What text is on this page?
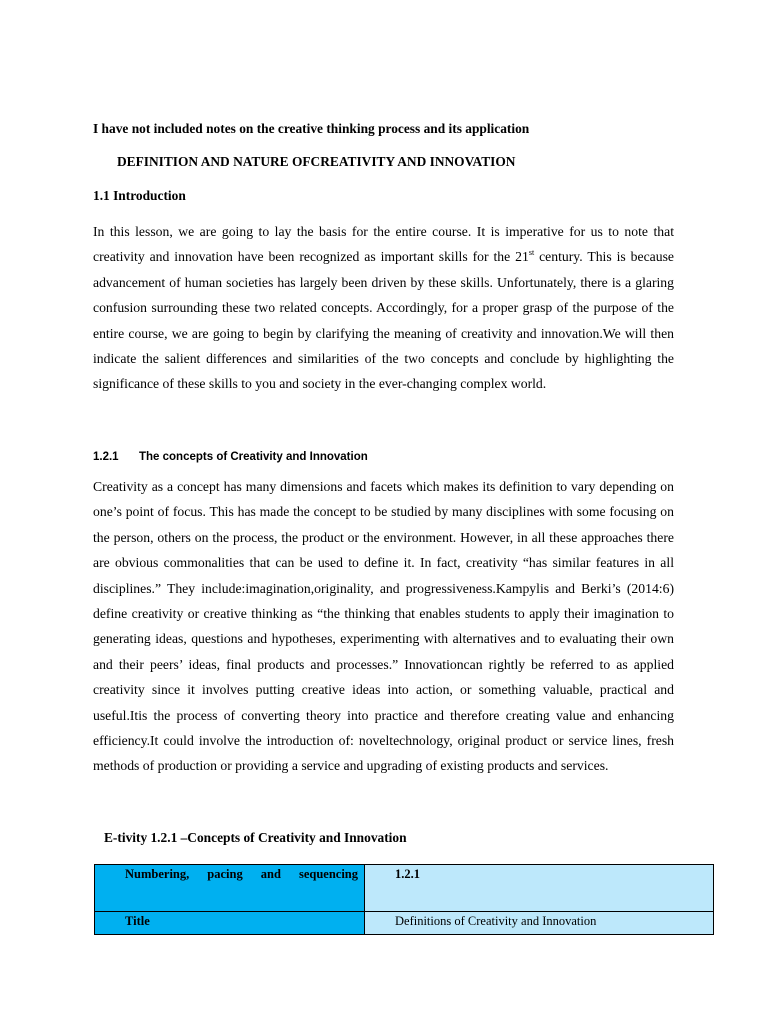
I have not included notes on the creative thinking process and its application
DEFINITION AND NATURE OFCREATIVITY AND INNOVATION
1.1 Introduction

In this lesson, we are going to lay the basis for the entire course. It is imperative for us to note that creativity and innovation have been recognized as important skills for the 21st century. This is because advancement of human societies has largely been driven by these skills. Unfortunately, there is a glaring confusion surrounding these two related concepts. Accordingly, for a proper grasp of the purpose of the entire course, we are going to begin by clarifying the meaning of creativity and innovation.We will then indicate the salient differences and similarities of the two concepts and conclude by highlighting the significance of these skills to you and society in the ever-changing complex world.

1.2.1 The concepts of Creativity and Innovation

Creativity as a concept has many dimensions and facets which makes its definition to vary depending on one’s point of focus. This has made the concept to be studied by many disciplines with some focusing on the person, others on the process, the product or the environment. However, in all these approaches there are obvious commonalities that can be used to define it. In fact, creativity “has similar features in all disciplines.” They include:imagination,originality, and progressiveness.Kampylis and Berki’s (2014:6) define creativity or creative thinking as “the thinking that enables students to apply their imagination to generating ideas, questions and hypotheses, experimenting with alternatives and to evaluating their own and their peers’ ideas, final products and processes.” Innovationcan rightly be referred to as applied creativity since it involves putting creative ideas into action, or something valuable, practical and useful.Itis the process of converting theory into practice and therefore creating value and enhancing efficiency.It could involve the introduction of: noveltechnology, original product or service lines, fresh methods of production or providing a service and upgrading of existing products and services.

E-tivity 1.2.1 –Concepts of Creativity and Innovation
Numbering, pacing and sequencing	1.2.1
Title	Definitions of Creativity and Innovation
